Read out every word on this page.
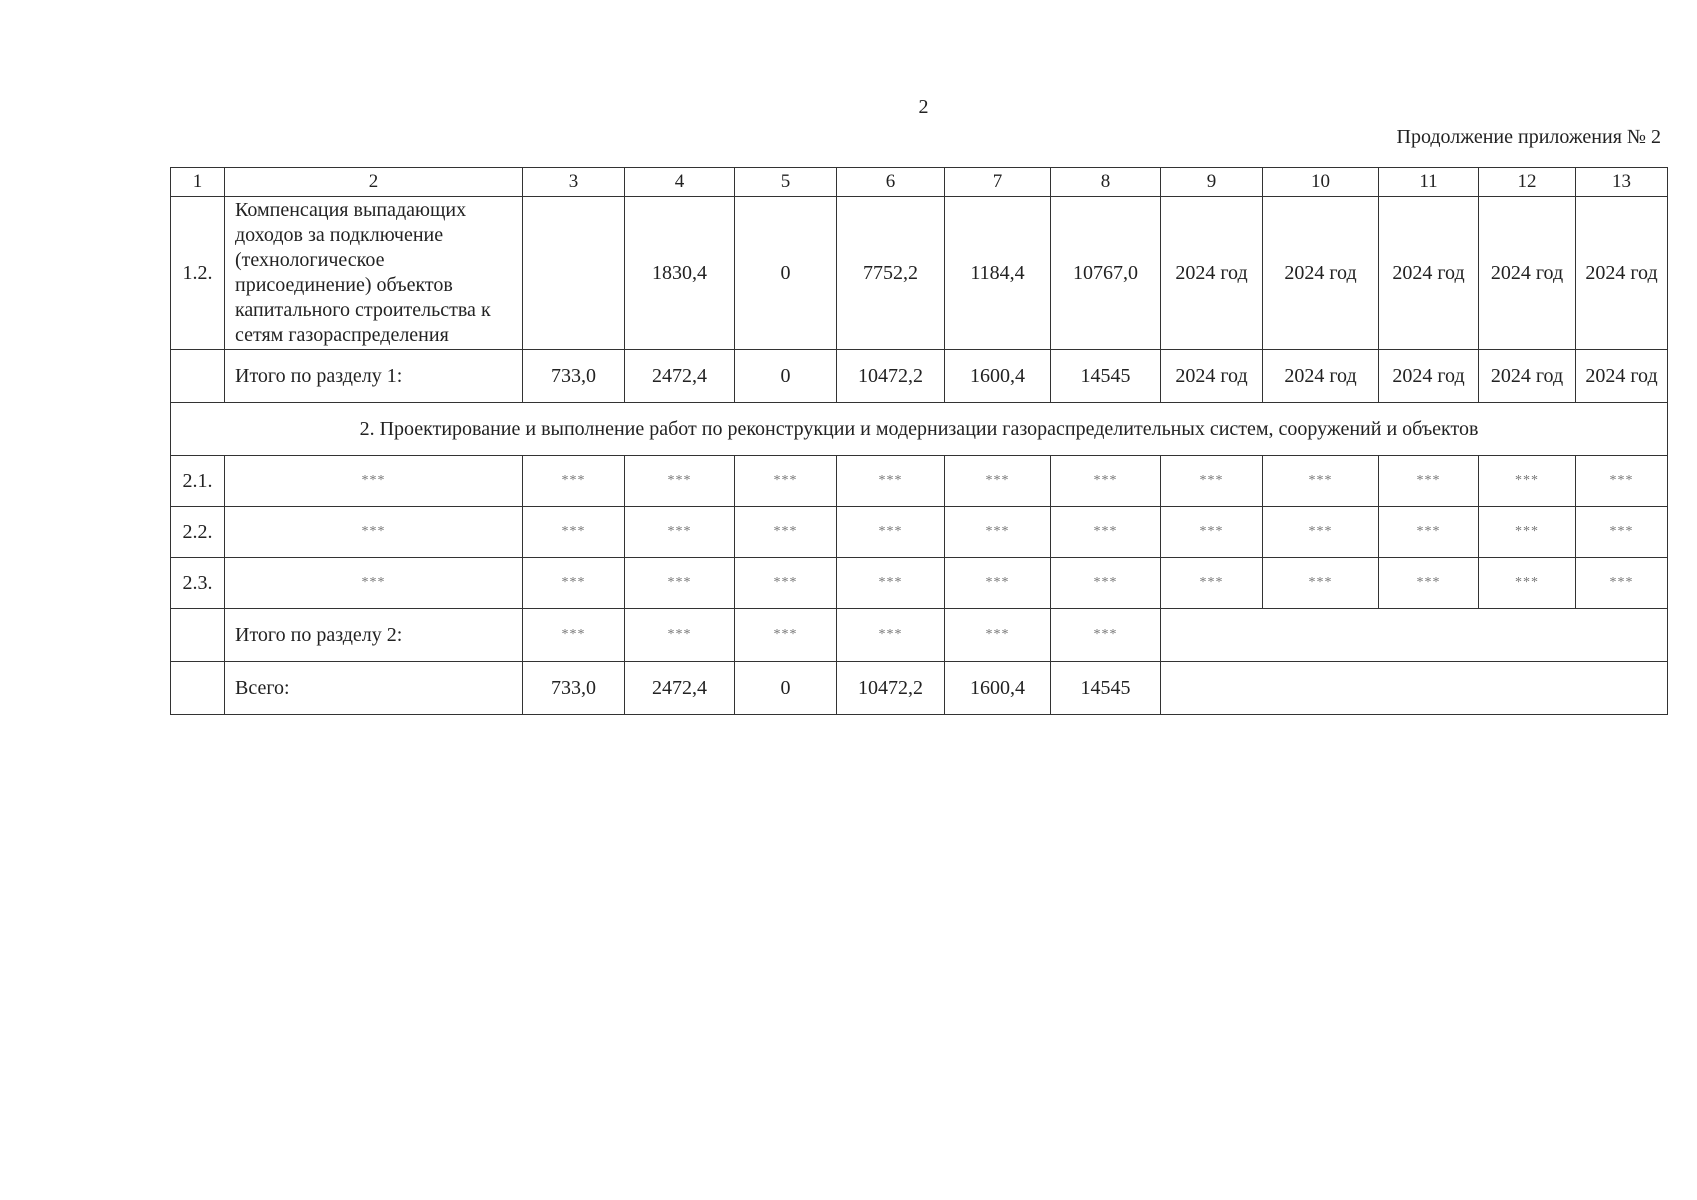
2
Продолжение приложения № 2
1	2	3	4	5	6	7	8	9	10	11	12	13
1.2.	Компенсация выпадающих доходов за подключение (технологическое присоединение) объектов капитального строительства к сетям газораспределения		1830,4	0	7752,2	1184,4	10767,0	2024 год	2024 год	2024 год	2024 год	2024 год
	Итого по разделу 1:	733,0	2472,4	0	10472,2	1600,4	14545	2024 год	2024 год	2024 год	2024 год	2024 год
2. Проектирование и выполнение работ по реконструкции и модернизации газораспределительных систем, сооружений и объектов												
2.1.	***	***	***	***	***	***	***	***	***	***	***	***
2.2.	***	***	***	***	***	***	***	***	***	***	***	***
2.3.	***	***	***	***	***	***	***	***	***	***	***	***
	Итого по разделу 2:	***	***	***	***	***	***					
	Всего:	733,0	2472,4	0	10472,2	1600,4	14545					
